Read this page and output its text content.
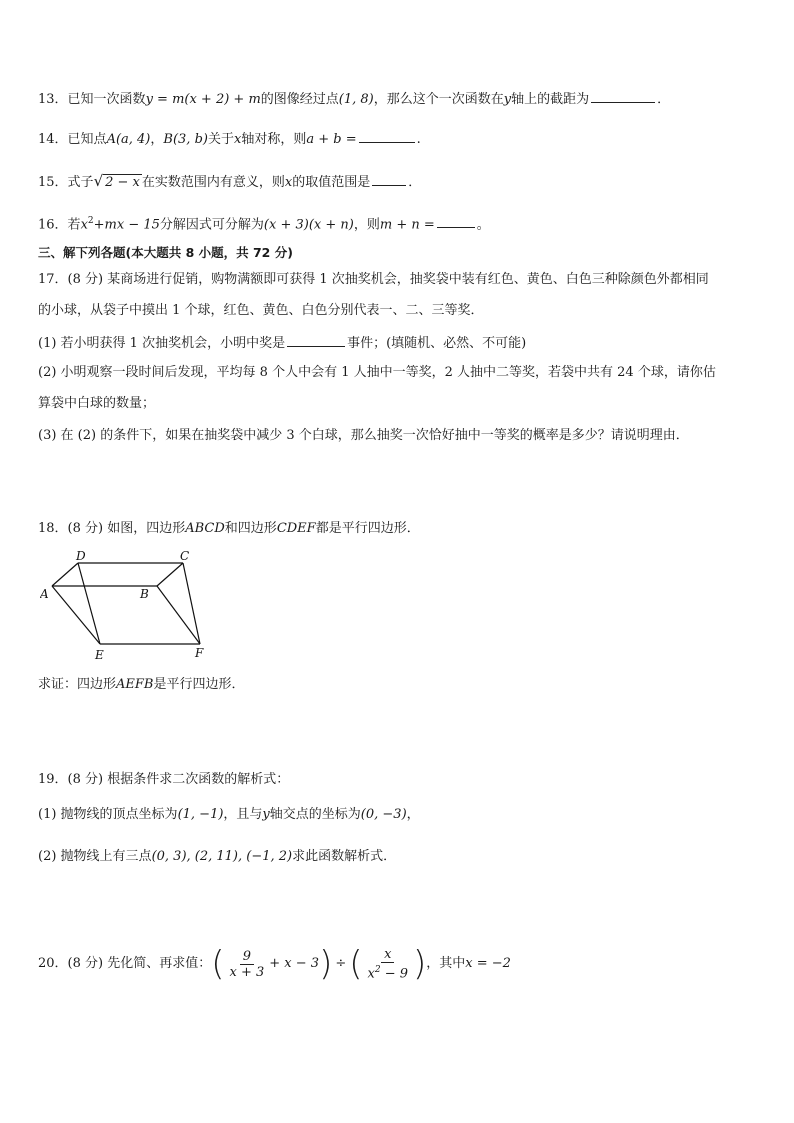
13．已知一次函数y = m(x + 2) + m的图像经过点(1, 8)，那么这个一次函数在y轴上的截距为	．
14．已知点A(a, 4)，B(3, b)关于x轴对称，则a + b =	.
15．式子√ 2 − x 在实数范围内有意义，则x的取值范围是	．
16．若$x^2+mx - 15$分解因式可分解为(x + 3)(x + n)，则m + n =	。
三、解下列各题(本大题共 8 小题，共 72 分)
17．(8 分) 某商场进行促销，购物满额即可获得 1 次抽奖机会，抽奖袋中装有红色、黄色、白色三种除颜色外都相同
的小球，从袋子中摸出 1 个球，红色、黄色、白色分别代表一、二、三等奖．
(1) 若小明获得 1 次抽奖机会，小明中奖是	事件；(填随机、必然、不可能)
(2) 小明观察一段时间后发现，平均每 8 个人中会有 1 人抽中一等奖，2 人抽中二等奖，若袋中共有 24 个球，请你估
算袋中白球的数量；
(3) 在 (2) 的条件下，如果在抽奖袋中减少 3 个白球，那么抽奖一次恰好抽中一等奖的概率是多少？请说明理由．
18．(8 分) 如图，四边形ABCD和四边形CDEF都是平行四边形．
A	B
C
D
E	F
求证：四边形AEFB是平行四边形．
19．(8 分) 根据条件求二次函数的解析式：
(1) 抛物线的顶点坐标为(1, −1)，且与y轴交点的坐标为(0, −3)，
(2) 抛物线上有三点(0, 3), (2, 11), (−1, 2)求此函数解析式．
20．(8 分) 先化简、再求值： ( $\frac{9}{x + 3} + x - 3$ ) ÷ ( $\frac{x}{x^2 - 9}$ ) ，其中 x = −2
